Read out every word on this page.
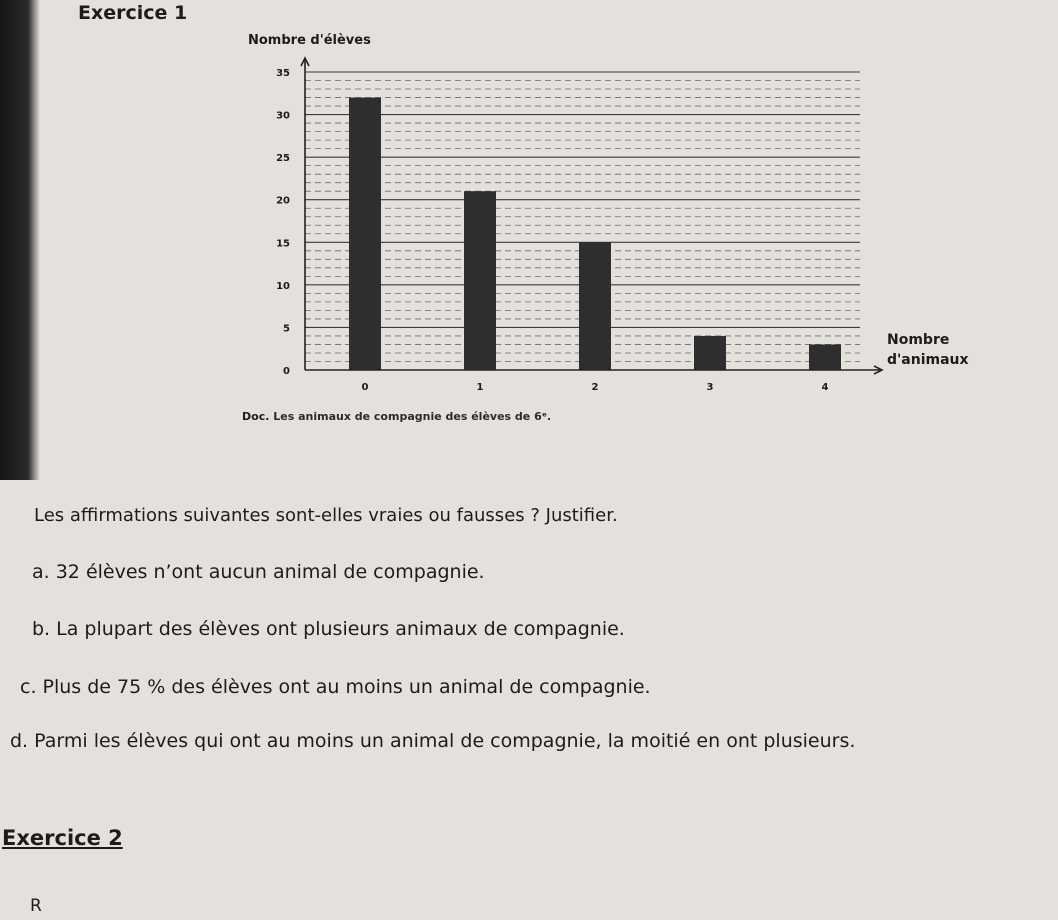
Exercice 1
0
5
10
15
20
25
30
35
0	1	2	3	4
Nombre d'élèves
Nombre
d'animaux
Doc. Les animaux de compagnie des élèves de 6ᵉ.
Les affirmations suivantes sont-elles vraies ou fausses ? Justifier.
a. 32 élèves n’ont aucun animal de compagnie.
b. La plupart des élèves ont plusieurs animaux de compagnie.
c. Plus de 75 % des élèves ont au moins un animal de compagnie.
d. Parmi les élèves qui ont au moins un animal de compagnie, la moitié en ont plusieurs.
Exercice 2
R
